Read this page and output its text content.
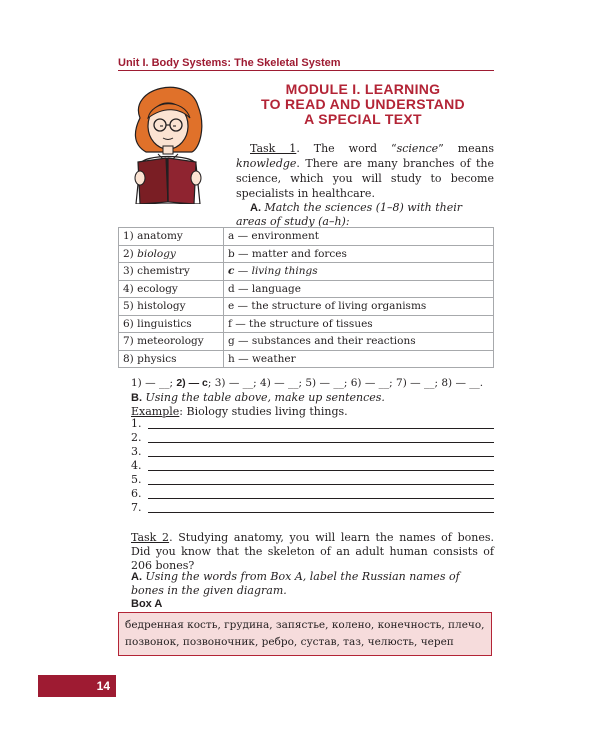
Unit I. Body Systems: The Skeletal System
MODULE I. LEARNING
TO READ AND UNDERSTAND
A SPECIAL TEXT
Task 1. The word “science” means knowledge. There are many branches of the science, which you will study to become specialists in healthcare.
A. Match the sciences (1–8) with their areas of study (a–h):
1) anatomy	a — environment
2) biology	b — matter and forces
3) chemistry	c — living things
4) ecology	d — language
5) histology	e — the structure of living organisms
6) linguistics	f — the structure of tissues
7) meteorology	g — substances and their reactions
8) physics	h — weather
1) — __; 2) — c; 3) — __; 4) — __; 5) — __; 6) — __; 7) — __; 8) — __.
B. Using the table above, make up sentences.
Example: Biology studies living things.
1.
2.
3.
4.
5.
6.
7.
Task 2. Studying anatomy, you will learn the names of bones. Did you know that the skeleton of an adult human consists of 206 bones?
A. Using the words from Box A, label the Russian names of bones in the given diagram.
Box A
бедренная кость, грудина, запястье, колено, конечность, плечо, позвонок, позвоночник, ребро, сустав, таз, челюсть, череп
14
